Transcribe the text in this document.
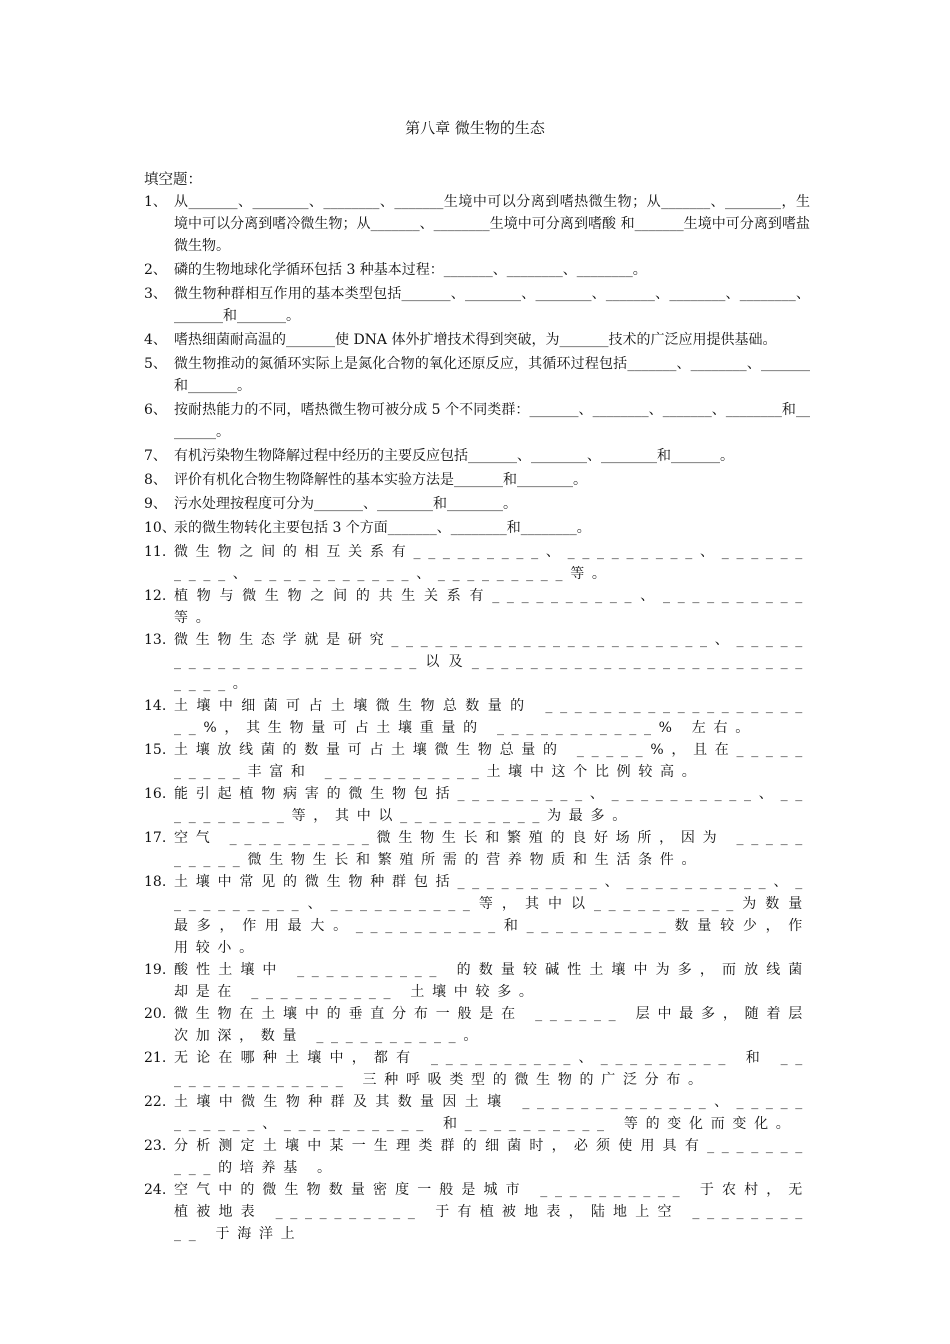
第八章 微生物的生态
填空题：
1、 从_______、________、________、_______生境中可以分离到嗜热微生物；从_______、________，生境中可以分离到嗜冷微生物；从_______、________生境中可分离到嗜酸 和_______生境中可分离到嗜盐微生物。
2、 磷的生物地球化学循环包括 3 种基本过程：_______、________、________。
3、 微生物种群相互作用的基本类型包括_______、________、________、_______、________、________、_______和_______。
4、 嗜热细菌耐高温的_______使 DNA 体外扩增技术得到突破，为_______技术的广泛应用提供基础。
5、 微生物推动的氮循环实际上是氮化合物的氧化还原反应，其循环过程包括_______、________、_______和_______。
6、 按耐热能力的不同，嗜热微生物可被分成 5 个不同类群：_______、________、_______、________和________。
7、 有机污染物生物降解过程中经历的主要反应包括_______、________、________和_______。
8、 评价有机化合物生物降解性的基本实验方法是_______和________。
9、 污水处理按程度可分为_______、________和________。
10、
汞的微生物转化主要包括 3 个方面_______、________和________。
11. 微生物之间的相互关系有_________、_________、__________、___________、_________等。
12. 植物与微生物之间的共生关系有__________、__________等。
13. 微生物生态学就是研究______________________、______________________以及___________________________。
14. 土壤中细菌可占土壤微生物总数量的 ____________________%，其生物量可占土壤重量的 ___________% 左右。
15. 土壤放线菌的数量可占土壤微生物总量的 _____%，且在__________丰富和 ___________土壤中这个比例较高。
16. 能引起植物病害的微生物包括_________、__________、__________等，其中以__________为最多。
17. 空气 __________微生物生长和繁殖的良好场所，因为 __________微生物生长和繁殖所需的营养物质和生活条件。
18. 土壤中常见的微生物种群包括__________、__________、__________、__________等，其中以__________为数量最多，作用最大。__________和__________数量较少，作用较小。
19. 酸性土壤中 __________ 的数量较碱性土壤中为多，而放线菌却是在 __________ 土壤中较多。
20. 微生物在土壤中的垂直分布一般是在 ______ 层中最多，随着层次加深，数量 __________。
21. 无论在哪种土壤中，都有 __________、_________ 和 ______________ 三种呼吸类型的微生物的广泛分布。
22. 土壤中微生物种群及其数量因土壤 _____________、___________、__________ 和__________ 等的变化而变化。
23. 分析测定土壤中某一生理类群的细菌时，必须使用具有__________的培养基 。
24. 空气中的微生物数量密度一般是城市 __________ 于农村，无植被地表 __________ 于有植被地表，陆地上空 __________ 于海洋上
